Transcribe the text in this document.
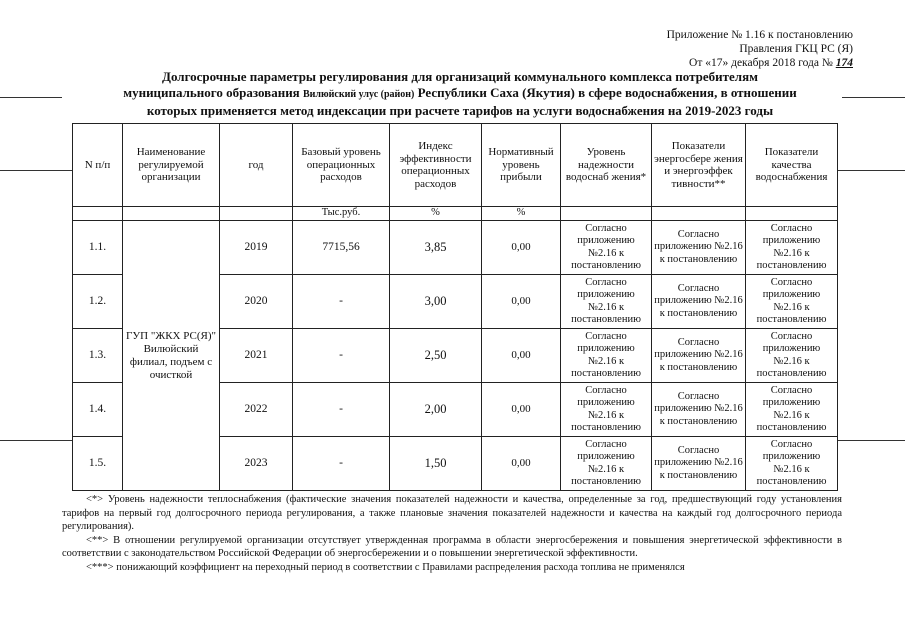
Приложение № 1.16 к постановлению
Правления ГКЦ РС (Я)
От «17» декабря 2018 года № 174
Долгосрочные параметры регулирования для организаций коммунального комплекса потребителям
муниципального образования Вилюйский улус (район) Республики Саха (Якутия) в сфере водоснабжения, в отношении
которых применяется метод индексации при расчете тарифов на услуги водоснабжения на 2019-2023 годы
N п/п	Наименование регулируемой организации	год	Базовый уровень операционных расходов	Индекс эффективности операционных расходов	Нормативный уровень прибыли	Уровень надежности водоснаб жения*	Показатели энергосбере жения и энергоэффек тивности**	Показатели качества водоснабжения
			Тыс.руб.	%	%			
1.1.	ГУП "ЖКХ РС(Я)" Вилюйский филиал, подъем с очисткой	2019	7715,56	3,85	0,00	Согласно приложению №2.16 к постановлению	Согласно приложению №2.16 к постановлению	Согласно приложению №2.16 к постановлению
1.2.		2020	-	3,00	0,00	Согласно приложению №2.16 к постановлению	Согласно приложению №2.16 к постановлению	Согласно приложению №2.16 к постановлению
1.3.		2021	-	2,50	0,00	Согласно приложению №2.16 к постановлению	Согласно приложению №2.16 к постановлению	Согласно приложению №2.16 к постановлению
1.4.		2022	-	2,00	0,00	Согласно приложению №2.16 к постановлению	Согласно приложению №2.16 к постановлению	Согласно приложению №2.16 к постановлению
1.5.		2023	-	1,50	0,00	Согласно приложению №2.16 к постановлению	Согласно приложению №2.16 к постановлению	Согласно приложению №2.16 к постановлению

<*> Уровень надежности теплоснабжения (фактические значения показателей надежности и качества, определенные за год, предшествующий году установления тарифов на первый год долгосрочного периода регулирования, а также плановые значения показателей надежности и качества на каждый год долгосрочного периода регулирования).

<**> В отношении регулируемой организации отсутствует утвержденная программа в области энергосбережения и повышения энергетической эффективности в соответствии с законодательством Российской Федерации об энергосбережении и о повышении энергетической эффективности.

<***> понижающий коэффициент на переходный период в соответствии с Правилами распределения расхода топлива не применялся
